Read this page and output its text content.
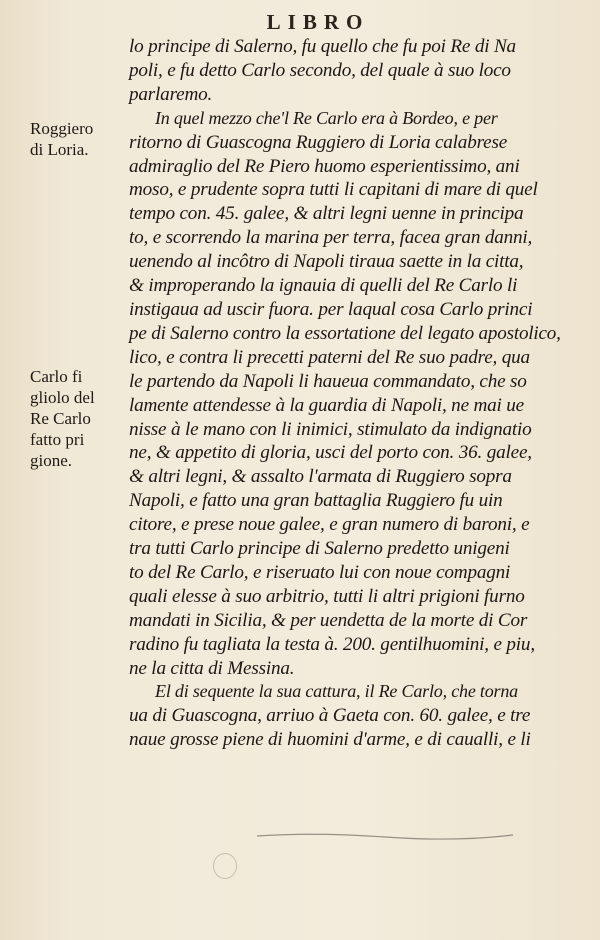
LIBRO
Roggiero
di Loria.
Carlo fi
gliolo del
Re Carlo
fatto pri
gione.
lo principe di Salerno, fu quello che fu poi Re di Na
poli, e fu detto Carlo secondo, del quale à suo loco
parlaremo.
In quel mezzo che'l Re Carlo era à Bordeo, e per
ritorno di Guascogna Ruggiero di Loria calabrese
admiraglio del Re Piero huomo esperientissimo, ani
moso, e prudente sopra tutti li capitani di mare di quel
tempo con. 45. galee, & altri legni uenne in principa
to, e scorrendo la marina per terra, facea gran danni,
uenendo al incôtro di Napoli tiraua saette in la citta,
& improperando la ignauia di quelli del Re Carlo li
instigaua ad uscir fuora. per laqual cosa Carlo princi
pe di Salerno contro la essortatione del legato apostolico,
lico, e contra li precetti paterni del Re suo padre, qua
le partendo da Napoli li haueua commandato, che so
lamente attendesse à la guardia di Napoli, ne mai ue
nisse à le mano con li inimici, stimulato da indignatio
ne, & appetito di gloria, usci del porto con. 36. galee,
& altri legni, & assalto l'armata di Ruggiero sopra
Napoli, e fatto una gran battaglia Ruggiero fu uin
citore, e prese noue galee, e gran numero di baroni, e
tra tutti Carlo principe di Salerno predetto unigeni
to del Re Carlo, e riseruato lui con noue compagni
quali elesse à suo arbitrio, tutti li altri prigioni furno
mandati in Sicilia, & per uendetta de la morte di Cor
radino fu tagliata la testa à. 200. gentilhuomini, e piu,
ne la citta di Messina.
El di sequente la sua cattura, il Re Carlo, che torna
ua di Guascogna, arriuo à Gaeta con. 60. galee, e tre
naue grosse piene di huomini d'arme, e di caualli, e li
